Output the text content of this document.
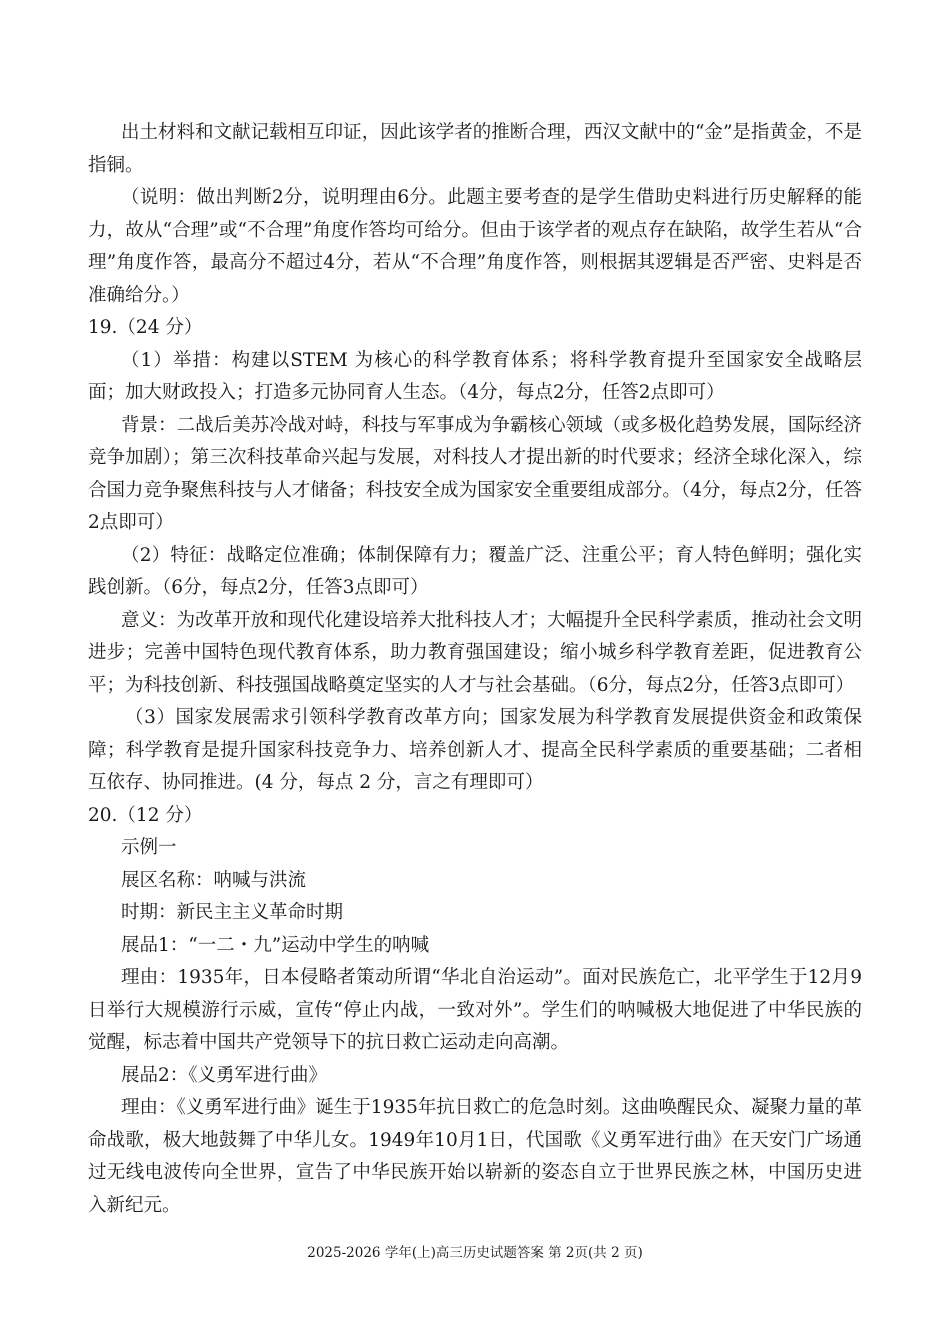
出土材料和文献记载相互印证，因此该学者的推断合理，西汉文献中的“金”是指黄金，不是指铜。

（说明：做出判断2分，说明理由6分。此题主要考查的是学生借助史料进行历史解释的能力，故从“合理”或“不合理”角度作答均可给分。但由于该学者的观点存在缺陷，故学生若从“合理”角度作答，最高分不超过4分，若从“不合理”角度作答，则根据其逻辑是否严密、史料是否准确给分。）

19.（24 分）

（1）举措：构建以STEM 为核心的科学教育体系；将科学教育提升至国家安全战略层面；加大财政投入；打造多元协同育人生态。（4分，每点2分，任答2点即可）

背景：二战后美苏冷战对峙，科技与军事成为争霸核心领域（或多极化趋势发展，国际经济竞争加剧）；第三次科技革命兴起与发展，对科技人才提出新的时代要求；经济全球化深入，综合国力竞争聚焦科技与人才储备；科技安全成为国家安全重要组成部分。（4分，每点2分，任答2点即可）

（2）特征：战略定位准确；体制保障有力；覆盖广泛、注重公平；育人特色鲜明；强化实践创新。（6分，每点2分，任答3点即可）

意义：为改革开放和现代化建设培养大批科技人才；大幅提升全民科学素质，推动社会文明进步；完善中国特色现代教育体系，助力教育强国建设；缩小城乡科学教育差距，促进教育公平；为科技创新、科技强国战略奠定坚实的人才与社会基础。（6分，每点2分，任答3点即可）

（3）国家发展需求引领科学教育改革方向；国家发展为科学教育发展提供资金和政策保障；科学教育是提升国家科技竞争力、培养创新人才、提高全民科学素质的重要基础；二者相互依存、协同推进。(4 分，每点 2 分，言之有理即可）

20.（12 分）

示例一

展区名称：呐喊与洪流

时期：新民主主义革命时期

展品1：“一二・九”运动中学生的呐喊

理由：1935年，日本侵略者策动所谓“华北自治运动”。面对民族危亡，北平学生于12月9日举行大规模游行示威，宣传“停止内战，一致对外”。学生们的呐喊极大地促进了中华民族的觉醒，标志着中国共产党领导下的抗日救亡运动走向高潮。

展品2：《义勇军进行曲》

理由：《义勇军进行曲》诞生于1935年抗日救亡的危急时刻。这曲唤醒民众、凝聚力量的革命战歌，极大地鼓舞了中华儿女。1949年10月1日，代国歌《义勇军进行曲》在天安门广场通过无线电波传向全世界，宣告了中华民族开始以崭新的姿态自立于世界民族之林，中国历史进入新纪元。

2025-2026 学年(上)高三历史试题答案 第 2页(共 2 页)
